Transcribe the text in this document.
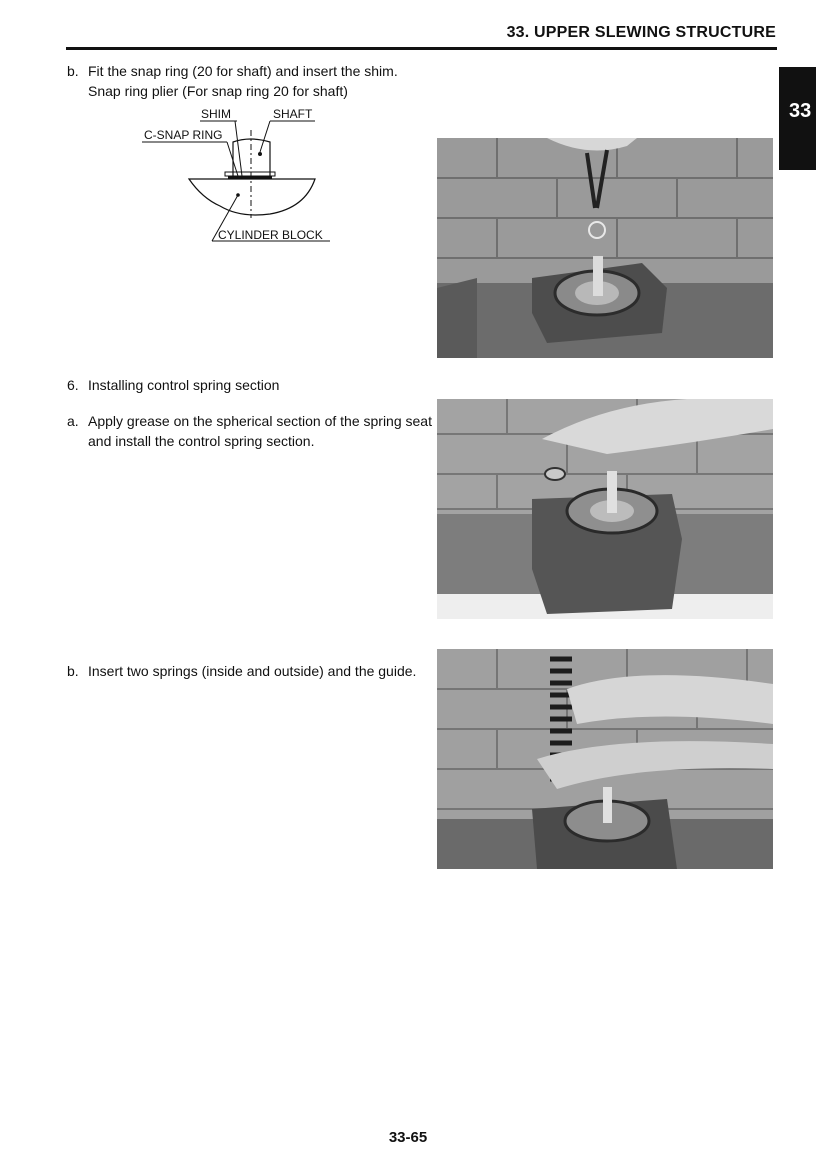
33. UPPER SLEWING STRUCTURE
33
b. Fit the snap ring (20 for shaft) and insert the shim.
Snap ring plier (For snap ring 20 for shaft)
SHIM	SHAFT
C-SNAP RING
CYLINDER BLOCK
6. Installing control spring section
a. Apply grease on the spherical section of the spring seat
and install the control spring section.
b. Insert two springs (inside and outside) and the guide.
33-65
